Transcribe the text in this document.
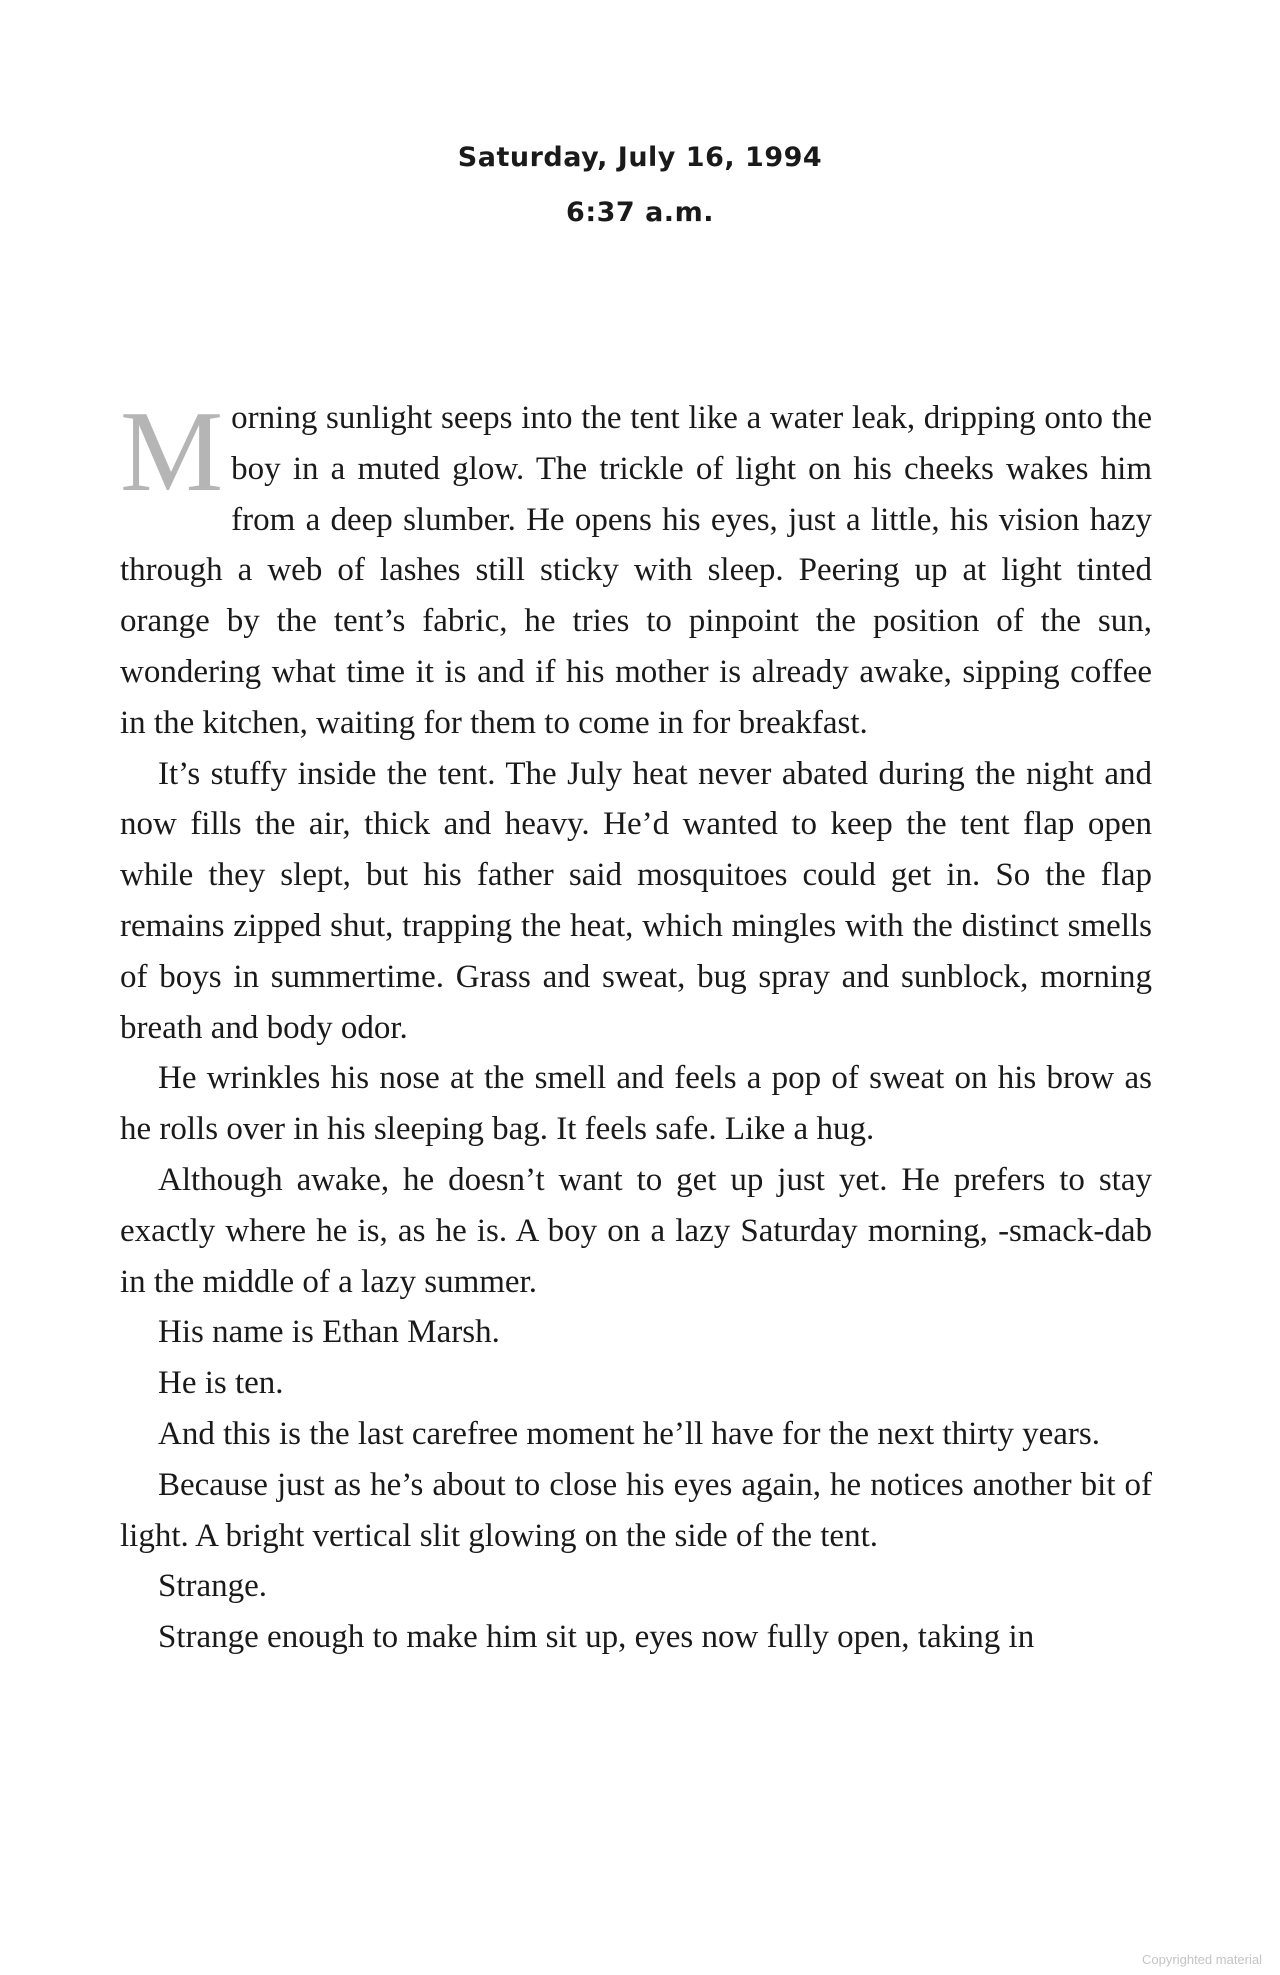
Saturday, July 16, 1994
6:37 a.m.

Morning sunlight seeps into the tent like a water leak, dripping onto the boy in a muted glow. The trickle of light on his cheeks wakes him from a deep slumber. He opens his eyes, just a little, his vision hazy through a web of lashes still sticky with sleep. Peering up at light tinted orange by the tent’s fabric, he tries to pinpoint the position of the sun, wondering what time it is and if his mother is already awake, sipping coffee in the kitchen, waiting for them to come in for breakfast.

It’s stuffy inside the tent. The July heat never abated during the night and now fills the air, thick and heavy. He’d wanted to keep the tent flap open while they slept, but his father said mosquitoes could get in. So the flap remains zipped shut, trapping the heat, which mingles with the distinct smells of boys in summertime. Grass and sweat, bug spray and sunblock, morning breath and body odor.

He wrinkles his nose at the smell and feels a pop of sweat on his brow as he rolls over in his sleeping bag. It feels safe. Like a hug.

Although awake, he doesn’t want to get up just yet. He prefers to stay exactly where he is, as he is. A boy on a lazy Saturday morning, -smack-dab in the middle of a lazy summer.

His name is Ethan Marsh.

He is ten.

And this is the last carefree moment he’ll have for the next thirty years.

Because just as he’s about to close his eyes again, he notices another bit of light. A bright vertical slit glowing on the side of the tent.

Strange.

Strange enough to make him sit up, eyes now fully open, taking in

Copyrighted material
